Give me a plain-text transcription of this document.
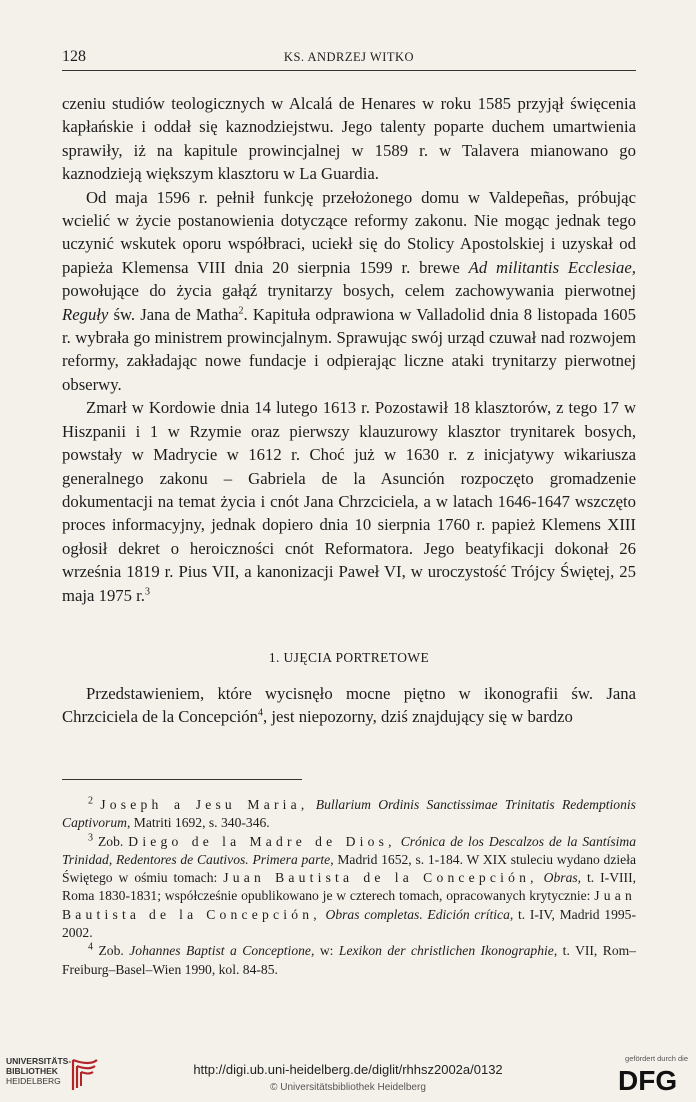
128	KS. ANDRZEJ WITKO

czeniu studiów teologicznych w Alcalá de Henares w roku 1585 przyjął święcenia kapłańskie i oddał się kaznodziejstwu. Jego talenty poparte duchem umartwienia sprawiły, iż na kapitule prowincjalnej w 1589 r. w Talavera mianowano go kaznodzieją większym klasztoru w La Guardia.

Od maja 1596 r. pełnił funkcję przełożonego domu w Valdepeñas, próbując wcielić w życie postanowienia dotyczące reformy zakonu. Nie mogąc jednak tego uczynić wskutek oporu współbraci, uciekł się do Stolicy Apostolskiej i uzyskał od papieża Klemensa VIII dnia 20 sierpnia 1599 r. brewe Ad militantis Ecclesiae, powołujące do życia gałąź trynitarzy bosych, celem zachowywania pierwotnej Reguły św. Jana de Matha$^2$. Kapituła odprawiona w Valladolid dnia 8 listopada 1605 r. wybrała go ministrem prowincjalnym. Sprawując swój urząd czuwał nad rozwojem reformy, zakładając nowe fundacje i odpierając liczne ataki trynitarzy pierwotnej obserwy.

Zmarł w Kordowie dnia 14 lutego 1613 r. Pozostawił 18 klasztorów, z tego 17 w Hiszpanii i 1 w Rzymie oraz pierwszy klauzurowy klasztor trynitarek bosych, powstały w Madrycie w 1612 r. Choć już w 1630 r. z inicjatywy wikariusza generalnego zakonu – Gabriela de la Asunción rozpoczęto gromadzenie dokumentacji na temat życia i cnót Jana Chrzciciela, a w latach 1646-1647 wszczęto proces informacyjny, jednak dopiero dnia 10 sierpnia 1760 r. papież Klemens XIII ogłosił dekret o heroiczności cnót Reformatora. Jego beatyfikacji dokonał 26 września 1819 r. Pius VII, a kanonizacji Paweł VI, w uroczystość Trójcy Świętej, 25 maja 1975 r.$^3$

1. UJĘCIA PORTRETOWE

Przedstawieniem, które wycisnęło mocne piętno w ikonografii św. Jana Chrzciciela de la Concepción$^4$, jest niepozorny, dziś znajdujący się w bardzo

$^2$ Joseph a Jesu Maria, Bullarium Ordinis Sanctissimae Trinitatis Redemptionis Captivorum, Matriti 1692, s. 340-346.

$^3$ Zob. Diego de la Madre de Dios, Crónica de los Descalzos de la Santísima Trinidad, Redentores de Cautivos. Primera parte, Madrid 1652, s. 1-184. W XIX stuleciu wydano dzieła Świętego w ośmiu tomach: Juan Bautista de la Concepción, Obras, t. I-VIII, Roma 1830-1831; współcześnie opublikowano je w czterech tomach, opracowanych krytycznie: Juan Bautista de la Concepción, Obras completas. Edición crítica, t. I-IV, Madrid 1995-2002.

$^4$ Zob. Johannes Baptist a Conceptione, w: Lexikon der christlichen Ikonographie, t. VII, Rom–Freiburg–Basel–Wien 1990, kol. 84-85.

UNIVERSITÄTS-
BIBLIOTHEK
HEIDELBERG
http://digi.ub.uni-heidelberg.de/diglit/rhhsz2002a/0132
© Universitätsbibliothek Heidelberg
gefördert durch die
DFG
